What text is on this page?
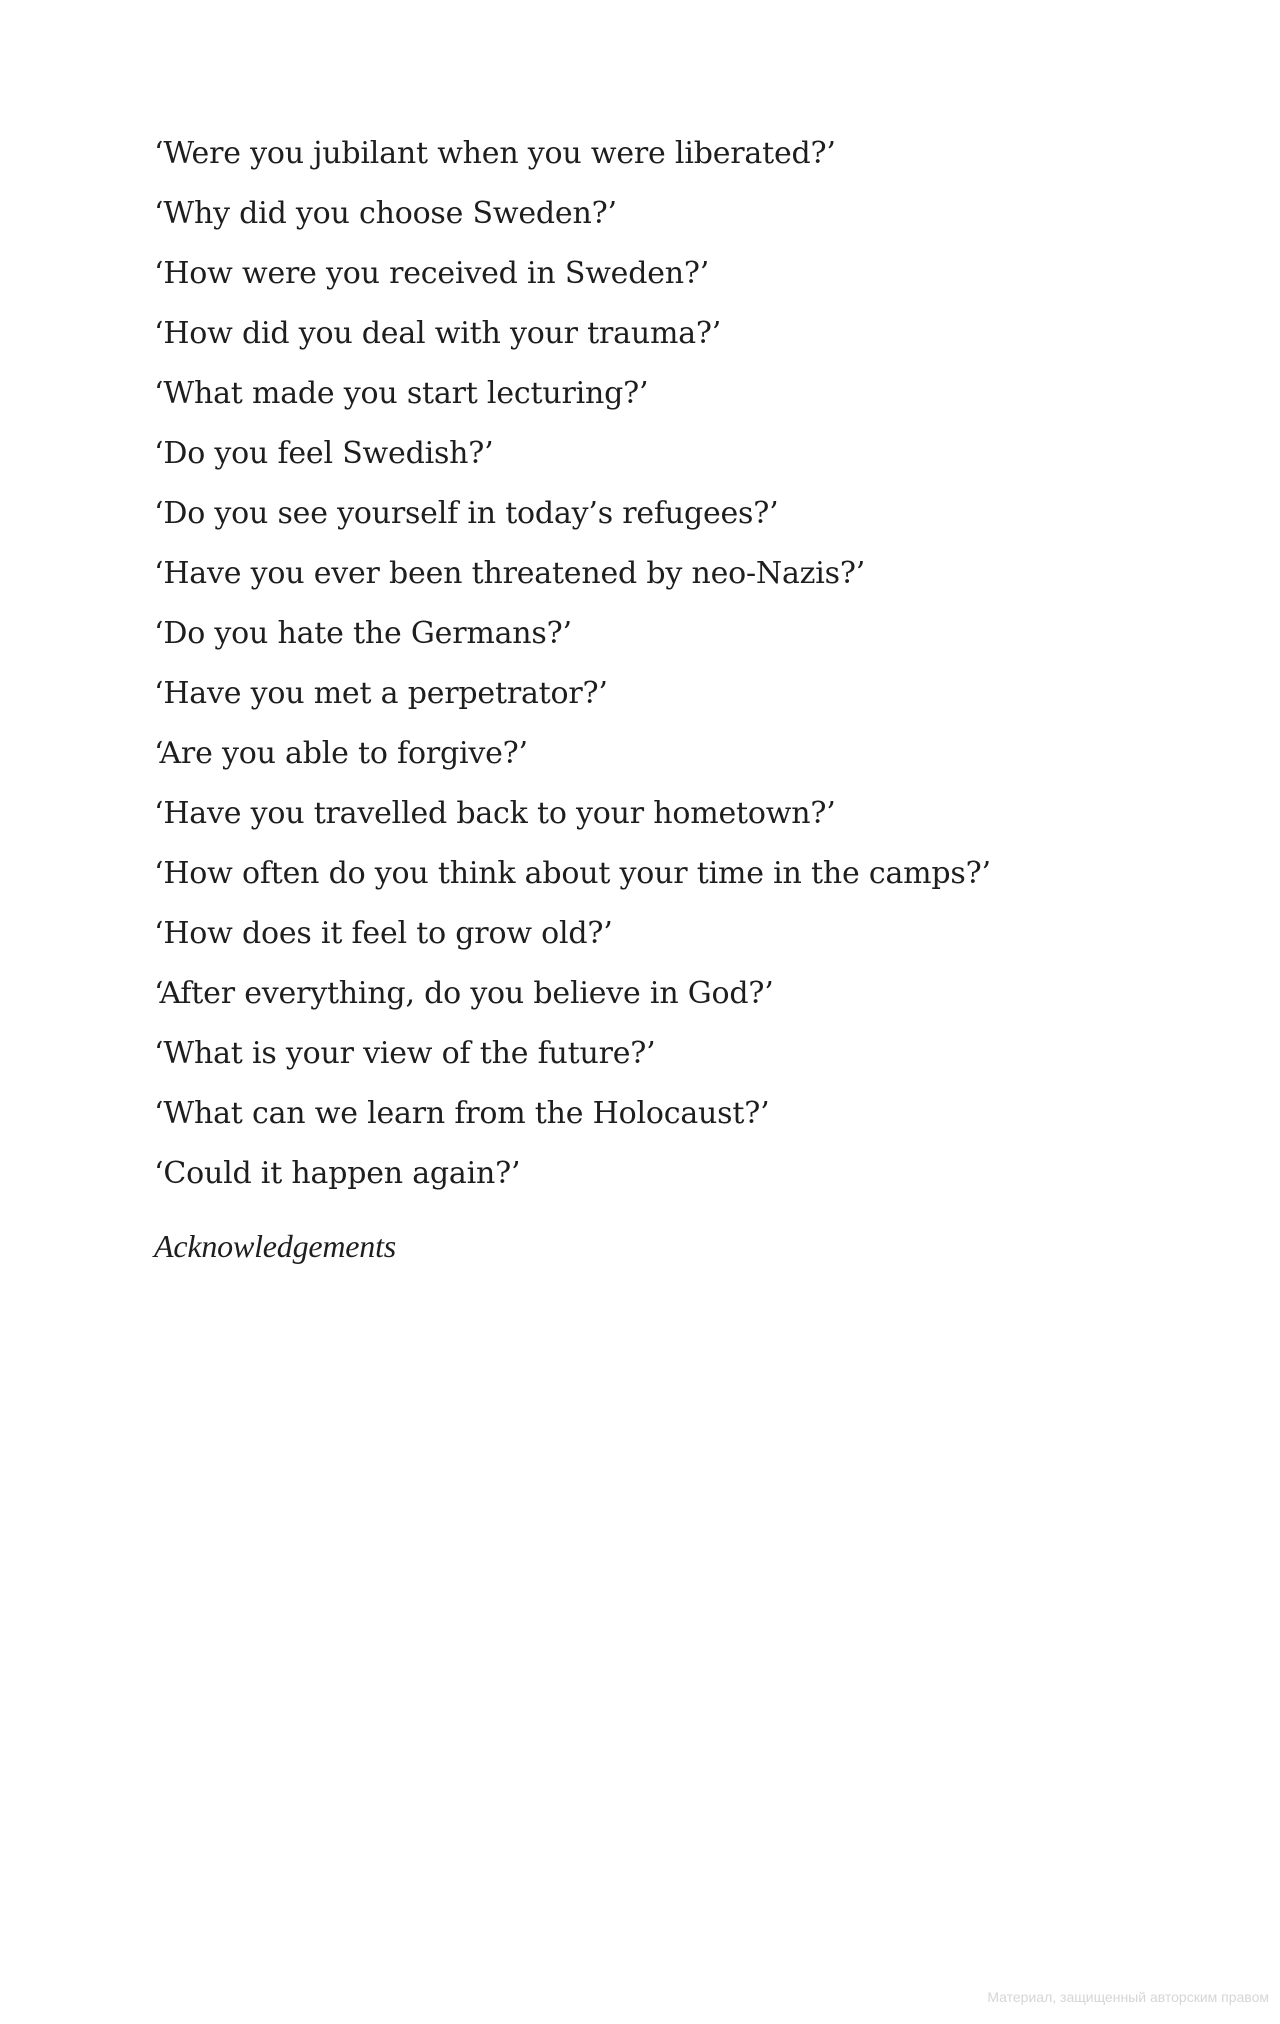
‘Were you jubilant when you were liberated?’
‘Why did you choose Sweden?’
‘How were you received in Sweden?’
‘How did you deal with your trauma?’
‘What made you start lecturing?’
‘Do you feel Swedish?’
‘Do you see yourself in today’s refugees?’
‘Have you ever been threatened by neo-Nazis?’
‘Do you hate the Germans?’
‘Have you met a perpetrator?’
‘Are you able to forgive?’
‘Have you travelled back to your hometown?’
‘How often do you think about your time in the camps?’
‘How does it feel to grow old?’
‘After everything, do you believe in God?’
‘What is your view of the future?’
‘What can we learn from the Holocaust?’
‘Could it happen again?’
Acknowledgements
Материал, защищенный авторским правом
